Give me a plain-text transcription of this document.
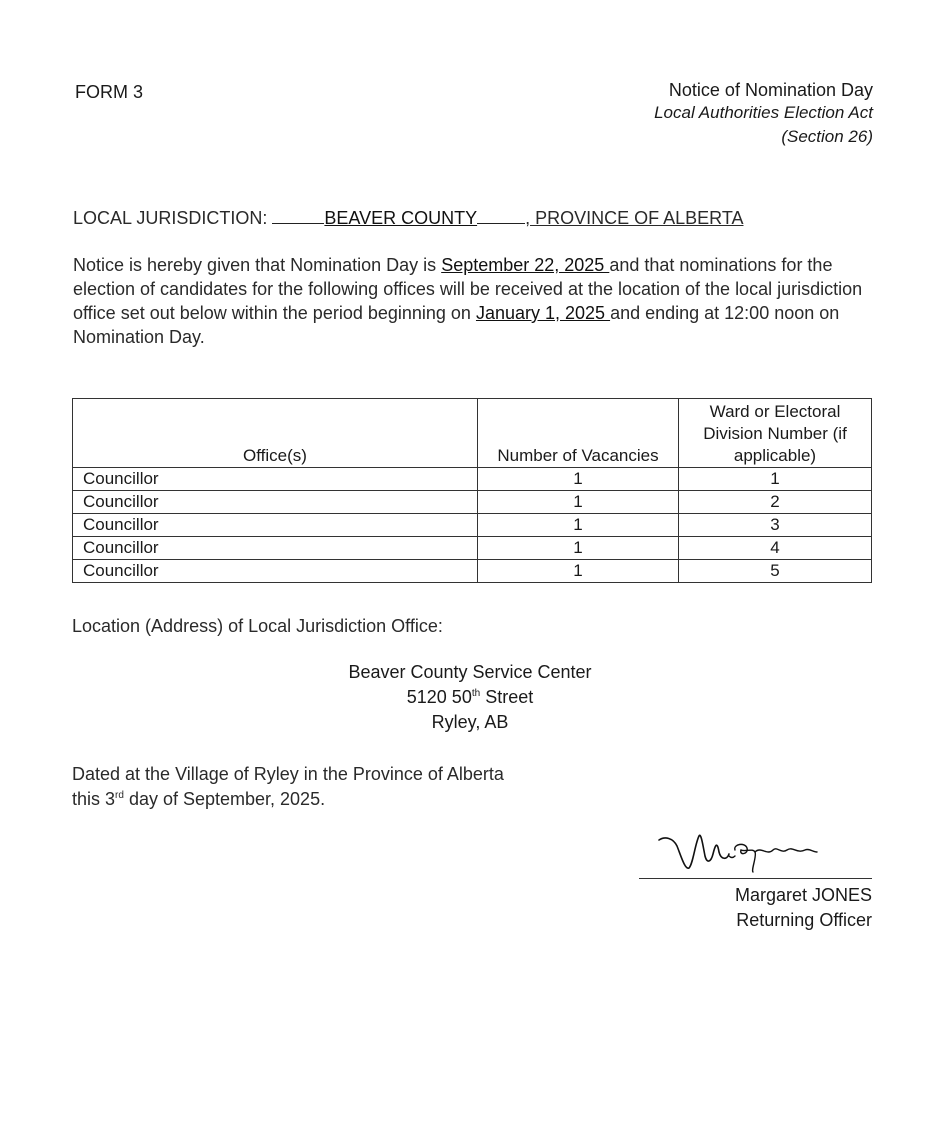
FORM 3	Notice of Nomination Day
Local Authorities Election Act
(Section 26)
LOCAL JURISDICTION:	BEAVER COUNTY	, PROVINCE OF ALBERTA
Notice is hereby given that Nomination Day is September 22, 2025 and that nominations for the election of candidates for the following offices will be received at the location of the local jurisdiction office set out below within the period beginning on January 1, 2025 and ending at 12:00 noon on Nomination Day.
Office(s)	Number of Vacancies	Ward or Electoral Division Number (if applicable)
Councillor	1	1
Councillor	1	2
Councillor	1	3
Councillor	1	4
Councillor	1	5
Location (Address) of Local Jurisdiction Office:
Beaver County Service Center
5120 50th Street
Ryley, AB
Dated at the Village of Ryley in the Province of Alberta
this 3rd day of September, 2025.
Margaret JONES
Returning Officer
